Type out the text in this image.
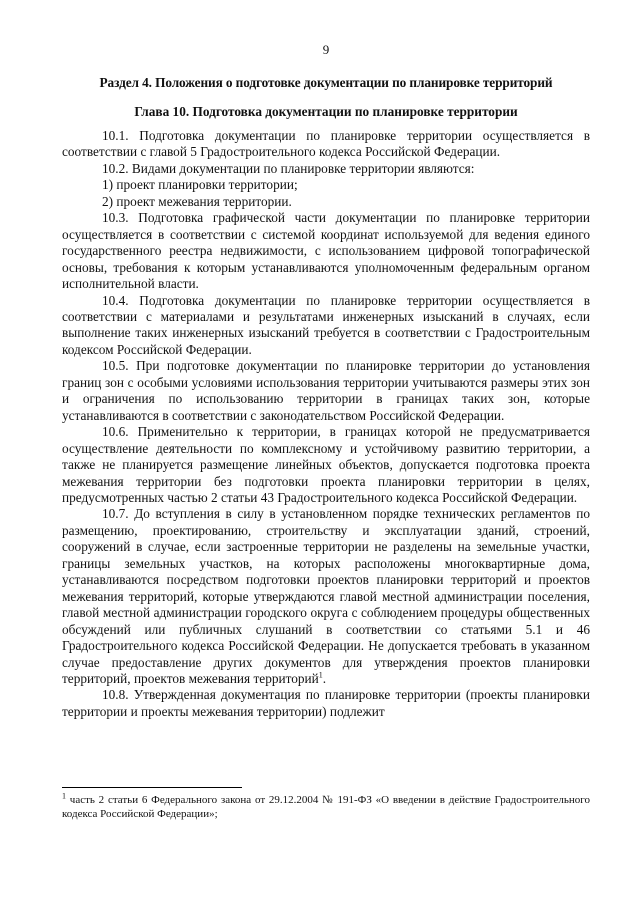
9
Раздел 4. Положения о подготовке документации по планировке территорий
Глава 10. Подготовка документации по планировке территории

10.1. Подготовка документации по планировке территории осуществляется в соответствии с главой 5 Градостроительного кодекса Российской Федерации.

10.2. Видами документации по планировке территории являются:

1) проект планировки территории;

2) проект межевания территории.

10.3. Подготовка графической части документации по планировке территории осуществляется в соответствии с системой координат используемой для ведения единого государственного реестра недвижимости, с использованием цифровой топографической основы, требования к которым устанавливаются уполномоченным федеральным органом исполнительной власти.

10.4. Подготовка документации по планировке территории осуществляется в соответствии с материалами и результатами инженерных изысканий в случаях, если выполнение таких инженерных изысканий требуется в соответствии с Градостроительным кодексом Российской Федерации.

10.5. При подготовке документации по планировке территории до установления границ зон с особыми условиями использования территории учитываются размеры этих зон и ограничения по использованию территории в границах таких зон, которые устанавливаются в соответствии с законодательством Российской Федерации.

10.6. Применительно к территории, в границах которой не предусматривается осуществление деятельности по комплексному и устойчивому развитию территории, а также не планируется размещение линейных объектов, допускается подготовка проекта межевания территории без подготовки проекта планировки территории в целях, предусмотренных частью 2 статьи 43 Градостроительного кодекса Российской Федерации.

10.7. До вступления в силу в установленном порядке технических регламентов по размещению, проектированию, строительству и эксплуатации зданий, строений, сооружений в случае, если застроенные территории не разделены на земельные участки, границы земельных участков, на которых расположены многоквартирные дома, устанавливаются посредством подготовки проектов планировки территорий и проектов межевания территорий, которые утверждаются главой местной администрации поселения, главой местной администрации городского округа с соблюдением процедуры общественных обсуждений или публичных слушаний в соответствии со статьями 5.1 и 46 Градостроительного кодекса Российской Федерации. Не допускается требовать в указанном случае предоставление других документов для утверждения проектов планировки территорий, проектов межевания территорий$^1$.

10.8. Утвержденная документация по планировке территории (проекты планировки территории и проекты межевания территории) подлежит

$^1$ часть 2 статьи 6 Федерального закона от 29.12.2004 № 191-ФЗ «О введении в действие Градостроительного кодекса Российской Федерации»;
